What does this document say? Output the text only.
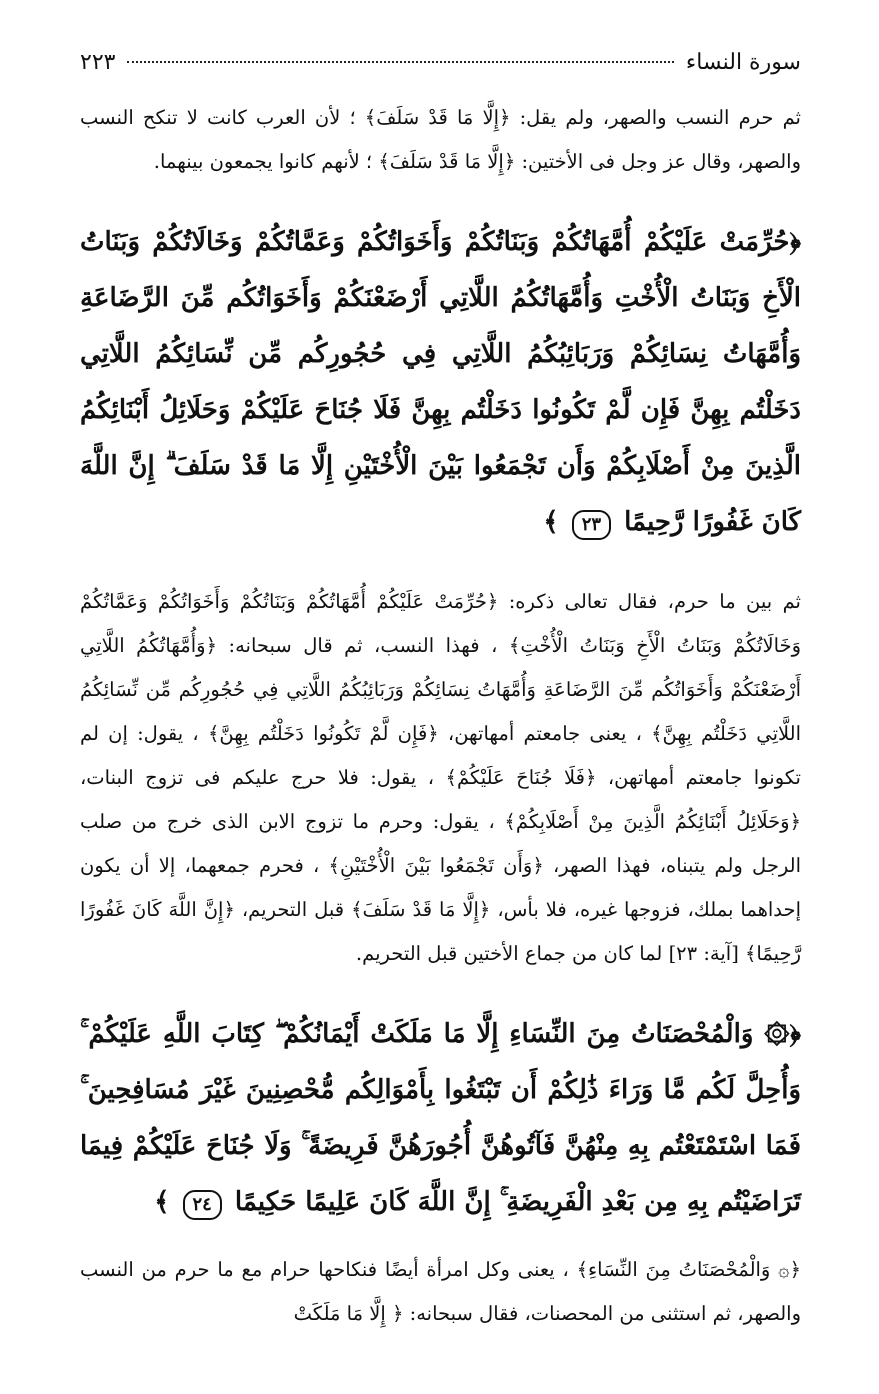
سورة النساء
٢٢٣

ثم حرم النسب والصهر، ولم يقل: ﴿إِلَّا مَا قَدْ سَلَفَ﴾ ؛ لأن العرب كانت لا تنكح النسب والصهر، وقال عز وجل فى الأختين: ﴿إِلَّا مَا قَدْ سَلَفَ﴾ ؛ لأنهم كانوا يجمعون بينهما.

﴿حُرِّمَتْ عَلَيْكُمْ أُمَّهَاتُكُمْ وَبَنَاتُكُمْ وَأَخَوَاتُكُمْ وَعَمَّاتُكُمْ وَخَالَاتُكُمْ وَبَنَاتُ الْأَخِ وَبَنَاتُ الْأُخْتِ وَأُمَّهَاتُكُمُ اللَّاتِي أَرْضَعْنَكُمْ وَأَخَوَاتُكُم مِّنَ الرَّضَاعَةِ وَأُمَّهَاتُ نِسَائِكُمْ وَرَبَائِبُكُمُ اللَّاتِي فِي حُجُورِكُم مِّن نِّسَائِكُمُ اللَّاتِي دَخَلْتُم بِهِنَّ فَإِن لَّمْ تَكُونُوا دَخَلْتُم بِهِنَّ فَلَا جُنَاحَ عَلَيْكُمْ وَحَلَائِلُ أَبْنَائِكُمُ الَّذِينَ مِنْ أَصْلَابِكُمْ وَأَن تَجْمَعُوا بَيْنَ الْأُخْتَيْنِ إِلَّا مَا قَدْ سَلَفَ ۗ إِنَّ اللَّهَ كَانَ غَفُورًا رَّحِيمًا ٢٣ ﴾

ثم بين ما حرم، فقال تعالى ذكره: ﴿حُرِّمَتْ عَلَيْكُمْ أُمَّهَاتُكُمْ وَبَنَاتُكُمْ وَأَخَوَاتُكُمْ وَعَمَّاتُكُمْ وَخَالَاتُكُمْ وَبَنَاتُ الْأَخِ وَبَنَاتُ الْأُخْتِ﴾ ، فهذا النسب، ثم قال سبحانه: ﴿وَأُمَّهَاتُكُمُ اللَّاتِي أَرْضَعْنَكُمْ وَأَخَوَاتُكُم مِّنَ الرَّضَاعَةِ وَأُمَّهَاتُ نِسَائِكُمْ وَرَبَائِبُكُمُ اللَّاتِي فِي حُجُورِكُم مِّن نِّسَائِكُمُ اللَّاتِي دَخَلْتُم بِهِنَّ﴾ ، يعنى جامعتم أمهاتهن، ﴿فَإِن لَّمْ تَكُونُوا دَخَلْتُم بِهِنَّ﴾ ، يقول: إن لم تكونوا جامعتم أمهاتهن، ﴿فَلَا جُنَاحَ عَلَيْكُمْ﴾ ، يقول: فلا حرج عليكم فى تزوج البنات، ﴿وَحَلَائِلُ أَبْنَائِكُمُ الَّذِينَ مِنْ أَصْلَابِكُمْ﴾ ، يقول: وحرم ما تزوج الابن الذى خرج من صلب الرجل ولم يتبناه، فهذا الصهر، ﴿وَأَن تَجْمَعُوا بَيْنَ الْأُخْتَيْنِ﴾ ، فحرم جمعهما، إلا أن يكون إحداهما بملك، فزوجها غيره، فلا بأس، ﴿إِلَّا مَا قَدْ سَلَفَ﴾ قبل التحريم، ﴿إِنَّ اللَّهَ كَانَ غَفُورًا رَّحِيمًا﴾ [آية: ٢٣] لما كان من جماع الأختين قبل التحريم.

﴿۞ وَالْمُحْصَنَاتُ مِنَ النِّسَاءِ إِلَّا مَا مَلَكَتْ أَيْمَانُكُمْ ۖ كِتَابَ اللَّهِ عَلَيْكُمْ ۚ وَأُحِلَّ لَكُم مَّا وَرَاءَ ذَٰلِكُمْ أَن تَبْتَغُوا بِأَمْوَالِكُم مُّحْصِنِينَ غَيْرَ مُسَافِحِينَ ۚ فَمَا اسْتَمْتَعْتُم بِهِ مِنْهُنَّ فَآتُوهُنَّ أُجُورَهُنَّ فَرِيضَةً ۚ وَلَا جُنَاحَ عَلَيْكُمْ فِيمَا تَرَاضَيْتُم بِهِ مِن بَعْدِ الْفَرِيضَةِ ۚ إِنَّ اللَّهَ كَانَ عَلِيمًا حَكِيمًا ٢٤ ﴾

﴿۞ وَالْمُحْصَنَاتُ مِنَ النِّسَاءِ﴾ ، يعنى وكل امرأة أيضًا فنكاحها حرام مع ما حرم من النسب والصهر، ثم استثنى من المحصنات، فقال سبحانه: ﴿ إِلَّا مَا مَلَكَتْ
